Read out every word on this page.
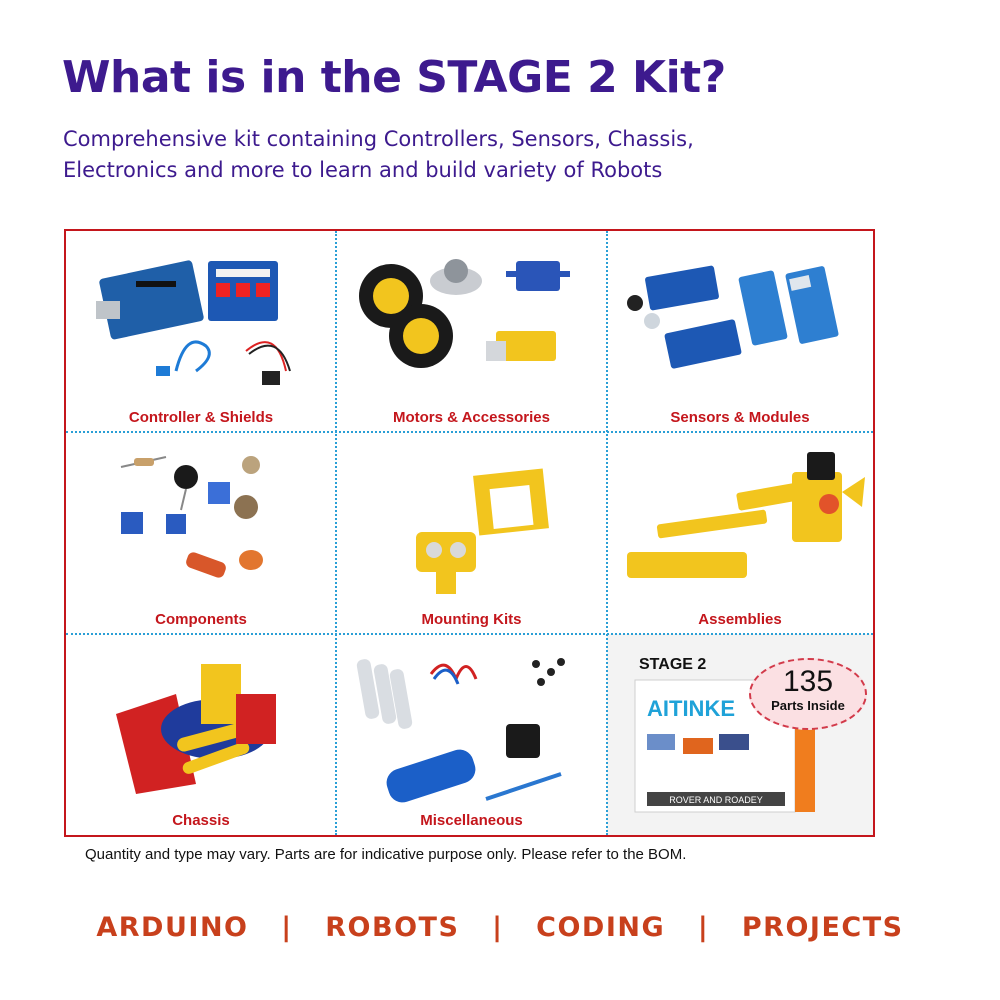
What is in the STAGE 2 Kit?
Comprehensive kit containing Controllers, Sensors, Chassis,
Electronics and more to learn and build variety of Robots
Controller & Shields	Motors & Accessories	Sensors & Modules
Components	Mounting Kits	Assemblies
Chassis	Miscellaneous
STAGE 2
AITINKE
ROVER AND ROADEY
135
Parts Inside
Quantity and type may vary. Parts are for indicative purpose only. Please refer to the BOM.
ARDUINO   |   ROBOTS   |   CODING   |   PROJECTS
